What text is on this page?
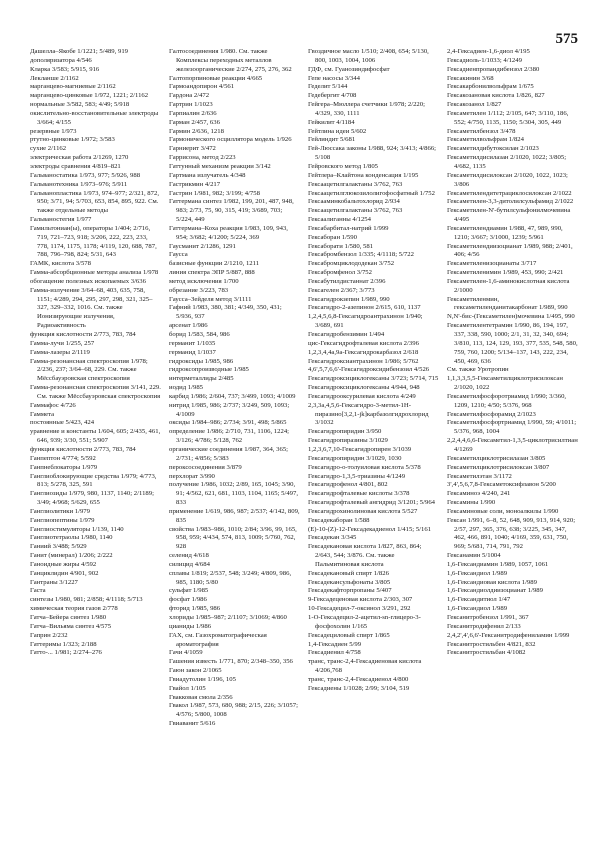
575

Дашелла–Якобе 1/1221; 5/489, 919

дополяризатора 4/546

Кларка 3/583; 5/915, 916

Лекланше 2/1162

марганцево-магниевые 2/1162

марганцево-цинковые 1/972, 1221; 2/1162

нормальные 3/582, 583; 4/49; 5/918

окислительно-восстановительные электроды 3/664; 4/155

резервные 1/973

ртутно-цинковые 1/972; 3/583

сухие 2/1162

электрическая работа 2/1269, 1270

электроды сравнения 4/819–821

Гальваностатика 1/973, 977; 5/926, 988

Гальванотехника 1/973–976; 5/911

Гальванопластика 1/973, 974–977; 2/321, 872, 950; 3/71, 94; 5/703, 653, 854, 895, 922. См. также отдельные методы

Гальваностегия 1/977

Гамильтониан(ы), операторы 1/404; 2/716, 719, 721–723, 918; 3/206, 222, 223, 233, 778, 1174, 1175, 1178; 4/119, 120, 688, 787, 788, 796–798, 824; 5/31, 643

ГАМК, кислота 3/578

Гамма-абсорбционные методы анализа 1/978

обогащение полезных ископаемых 3/636

Гамма-излучение 3/64–68, 403, 635, 758, 1151; 4/289, 294, 295, 297, 298, 321, 325–327, 329–332, 1016. См. также Ионизирующие излучения, Радиоактивность

функция кислотности 2/773, 783, 784

Гамма-лучи 1/255, 257

Гамма-лазеры 2/1119

Гамма-резонансная спектроскопия 1/978; 2/236, 237; 3/64–68, 229. См. также Мёссбауэровская спектроскопия

Гамма-резонансная спектроскопия 3/141, 229. См. также Мёссбауэровская спектроскопия

Гаммафос 4/726

Гаммета

постоянные 5/423, 424

уравнение и константы 1/604, 605; 2/435, 461, 646, 939; 3/30, 551; 5/907

функция кислотности 2/773, 783, 784

Ганпептон 4/774; 5/592

Ганпнеблокаторы 1/979

Ганглиоблокирующие средства 1/979; 4/773, 813; 5/278, 325, 591

Ганглиозиды 1/979, 980, 1137, 1140; 2/1189; 3/49; 4/968; 5/629, 655

Ганглиолитики 1/979

Ганглиопептины 1/979

Ганглиостимуляторы 1/139, 1140

Ганглиотетраолы 1/980, 1140

Ганиий 3/488; 5/929

Ганит (минерал) 1/206; 2/222

Ганоидные жиры 4/592

Ганциклидин 4/901, 902

Гантраны 3/1227

Гаста

синтезы 1/980, 981; 2/858; 4/1118; 5/713

химическая теория газов 2/778

Гатча–Бейера синтез 1/980

Гатча–Вильяма синтез 4/575

Гаприн 2/232

Гаттеримы 1/323; 2/188

Гатто-... 1/981; 2/274–276

Галтосоединения 1/980. См. также Комплексы переходных металлов железоорганические 2/274, 275, 276, 362

Галтопорпиновые реакции 4/665

Гармоандопирон 4/561

Гардона 2/472

Гартрин 1/1023

Гарпиалин 2/636

Гарман 2/457, 636

Гармин 2/636, 1218

Гармонического осциллятора модель 1/926

Гарниерит 3/472

Гаррисона, метод 2/223

Гаттунный механизм реакции 3/142

Гартмана излучатель 4/348

Гастрикмин 4/217

Гастрин 1/981, 982; 3/199; 4/758

Гаттермана синтез 1/982, 199, 201, 487, 948, 983; 2/73, 75, 90, 315, 419; 3/689, 703; 5/224, 449

Гаттермана–Коха реакция 1/983, 109, 943, 954; 3/682; 4/1200; 5/224, 369

Гаусманит 2/1286, 1291

Гаусса

базисные функции 2/1210, 1211

линия спектра ЭПР 5/887, 888

метод исключения 1/700

обрезание 3/223, 783

Гаусса–Зейделя метод 3/1111

Гафний 1/983, 380, 381; 4/349, 350, 431; 5/936, 937

арсенат 1/986

борид 1/583, 584, 986

германит 1/1035

германид 1/1037

гидроксиды 1/985, 986

гидроксопроизводные 1/985

интерметаллиды 2/485

иодид 1/985

карбид 1/986; 2/604, 737; 3/499, 1093; 4/1009

нитрид 1/985, 986; 2/737; 3/249, 509, 1093; 4/1009

оксиды 1/984–986; 2/734; 3/91, 498; 5/865

определение 1/986; 2/710, 731, 1106, 1224; 3/126; 4/786; 5/128, 762

органические соединения 1/987, 364, 365; 2/731; 4/856; 5/383

пероксосоединения 3/879

перхлорат 3/990

получение 1/986, 1032; 2/89, 165, 1045; 3/90, 91; 4/562, 621, 681, 1103, 1104, 1165; 5/497, 833

применение 1/619, 986, 987; 2/537; 4/142, 809, 835

свойства 1/983–986, 1010; 2/84; 3/96, 99, 165, 958, 959; 4/434, 574, 813, 1009; 5/760, 762, 928

селенид 4/618

силицид 4/684

сплавы 1/819; 2/537, 548; 3/249; 4/809, 986, 985, 1180; 5/80

сульфат 1/985

фосфат 1/986

фторид 1/985, 986

хлориды 1/985–987; 2/1107; 3/1069; 4/860

цианиды 1/986

ГАХ, см. Газохроматографическая ароматография

Гачи 4/1059

Гашения известь 1/771, 870; 2/348–350, 356

Гаюн закон 2/1065

Гвиадутолин 1/196, 105

Гвайол 1/105

Гвакковая смола 2/356

Гвакол 1/987, 573, 680, 988; 2/15, 226; 3/1057; 4/576; 5/800, 1008

Гвиаванит 5/616

Гвоздичное масло 1/510; 2/408, 654; 5/130, 800, 1003, 1004, 1006

ГДФ, см. Гуанозиндифосфат

Гепе насосы 3/344

Геделит 5/144

Гедебергит 4/708

Гейгера–Мюллера счетчики 1/978; 2/220; 4/329, 330, 1111

Гейкилит 4/1184

Гейтлина идеи 5/602

Гейлиндит 5/681

Гей-Люссака законы 1/988, 924; 3/413; 4/866; 5/108

Гейровского метод 1/805

Гейтлера–Клайтона конденсация 1/195

Гексаацетилгалактаны 3/762, 763

Гексаацетилглюкозилолигофосфатный 1/752

Гексааминкобальтохлорид 2/934

Гексаацетилгалактаны 3/762, 763

Гексаалиганны 4/1254

Гексабарбитал-натрий 1/999

Гексаборан 1/590

Гексаборати 1/580, 581

Гексабромбензол 1/335; 4/1118; 5/722

Гексабромциклододекан 3/752

Гексабромфенол 3/752

Гексабутилдистаннат 2/396

Гексагелен 2/367; 3/773

Гексагидрокзепин 1/989, 990

Гексагидро-2-азепинон 2/615, 610, 1137

1,2,4,5,6,8-Гексагидроантрахинон 1/940; 3/689, 691

Гексагидробензимин 1/494

цис-Гексагидрофталевая кислота 2/396

1,2,3,4,4a,9a-Гексагидрокарбазол 2/618

Гексагидроксиантрахинон 1/986; 5/762

4,6',5,7,6,6'-Гексагидроксидибензоил 4/526

Гексагидроксициклогексаны 3/723; 5/714, 715

Гексагидроксициклогексаны 4/944, 948

Гексагидрооксурилевая кислота 4/249

2,3,3a,4,5,6-Гексагидро-3-метил-1Н-пиразино[3,2,1-jk]карбазолгидрохлорид 3/1032

Гексагидропиридин 3/950

Гексагидропиразины 3/1029

1,2,3,6,7,10-Гексагидропирен 3/1039

Гексагидропиридин 3/1029, 1030

Гексагидро-о-толуиловая кислота 5/378

Гексагидро-1,3,5-триазины 4/1249

Гексагидрофенол 4/801, 802

Гексагидрофталевые кислоты 3/378

Гексагидрофталевый ангидрид 3/1201; 5/964

Гексагидрохинолиновая кислота 5/527

Гексадекаборан 1/588

(E)-10-(Z)-12-Гексадекадиенол 1/415; 5/161

Гексадекан 3/345

Гексадекановая кислота 1/827, 863, 864; 2/643, 544; 3/876. См. также Пальмитиновая кислота

Гексадекановый спирт 1/826

Гексадекансульфонаты 3/805

Гексадекафторпропаны 5/407

9-Гексадеценовая кислота 2/303, 307

10-Гексадецил-7-оксинол 3/291, 292

1-О-Гексадецил-2-ацетил-sn-глицеро-3-фосфохолин 1/165

Гексадециловый спирт 1/865

1,4-Гексадиен 5/99

Гексадиенил 4/758

транс, транс-2,4-Гексадиеновая кислота 4/206,768

транс, транс-2,4-Гексадиенол 4/800

Гексадиены 1/1028; 2/99; 3/104, 519

2,4-Гексадиен-1,6-диол 4/195

Гексадиоль-1/1033; 4/1249

Гексадиенпропандибензол 2/380

Гексакинин 3/68

Гексакарбонилвольфрам 1/675

Гексакозановая кислота 1/826, 827

Гексакозанол 1/827

Гексаметилен 1/112; 2/105, 647; 3/110, 186, 552; 4/750, 1135, 1150; 5/304, 305, 449

Гексаметилбензол 3/478

Гексаметилвольфрам 1/824

Гексаметилдибутоксилан 2/1023

Гексаметилдисилазан 2/1020, 1022; 3/805; 4/682, 1135

Гексаметилдисилоксан 2/1020, 1022, 1023; 3/806

Гексаметилендитетрациклосилоксан 2/1022

Гексаметилен-3,3-дитолилсульфамид 2/1022

Гексаметилен-N'-бутилсульфонилмочевина 4/495

Гексаметилендиамин 1/988, 47, 989, 990, 1210; 3/667; 3/1000, 1239; 5/961

Гексаметилендиизоцианат 1/989, 988; 2/401, 406; 4/56

Гексаметиленизоцианаты 3/717

Гексаметиленимин 1/989, 453, 990; 2/421

Гексаметилен-1,6-аминокислотная кислота 2/1000

Гексаметиленмин, гексаметиленданитакарбонат 1/989, 990

N,N'-бис-(Гексаметилен)мочевина 1/495, 990

Гексаметилентетрамин 1/990, 86, 194, 197, 337, 338, 590, 1000; 2/1, 31, 32, 340, 694; 3/810, 113, 124, 129, 193, 377, 535, 548, 580, 759, 760, 1200; 5/134–137, 143, 222, 234, 450, 469, 636

См. также Уротропин

1,1,3,3,5,5-Гексаметилциклотрисилоксан 2/1020, 1022

Гексаметилфосфоротриамид 1/990; 3/360, 1209, 1210; 4/50; 5/376, 968

Гексаметилфосфорамид 2/1023

Гексаметилфосфортриамид 1/990, 59; 4/1011; 5/376, 968, 1004

2,2,4,4,6,6-Гексаметил-1,3,5-циклотрисилтиан 4/1269

Гексаметилциклотрисилазан 3/805

Гексаметилциклотрисилоксан 3/807

Гексаметилэтан 3/1172

3',4',5,6,7,8-Гексаметоксифлавон 5/200

Гексаминоэ 4/240, 241

Гексамины 1/990

Гексаминовые соли, моноалкилы 1/990

Гексан 1/991, 6–8, 52, 648, 909, 913, 914, 920; 2/57, 297, 365, 376, 638; 3/225, 345, 347, 462, 466, 891, 1040; 4/169, 359, 631, 750, 969; 5/681, 714, 791, 792

Гексанамин 5/1004

1,6-Гександиамин 1/989, 1057, 1061

1,6-Гександиол 1/989

1,6-Гександиовая кислота 1/989

1,6-Гександиолдиизоцианат 1/989

1,6-Гександитиол 1/47

1,6-Гександиол 1/989

Гексанитробензол 1/991, 367

Гексанитродифенил 2/133

2,4,2',4',6,6'-Гексанитродифениламин 1/999

Гексанитростильбен 4/821, 832

Гексанитростильбан 4/1082
